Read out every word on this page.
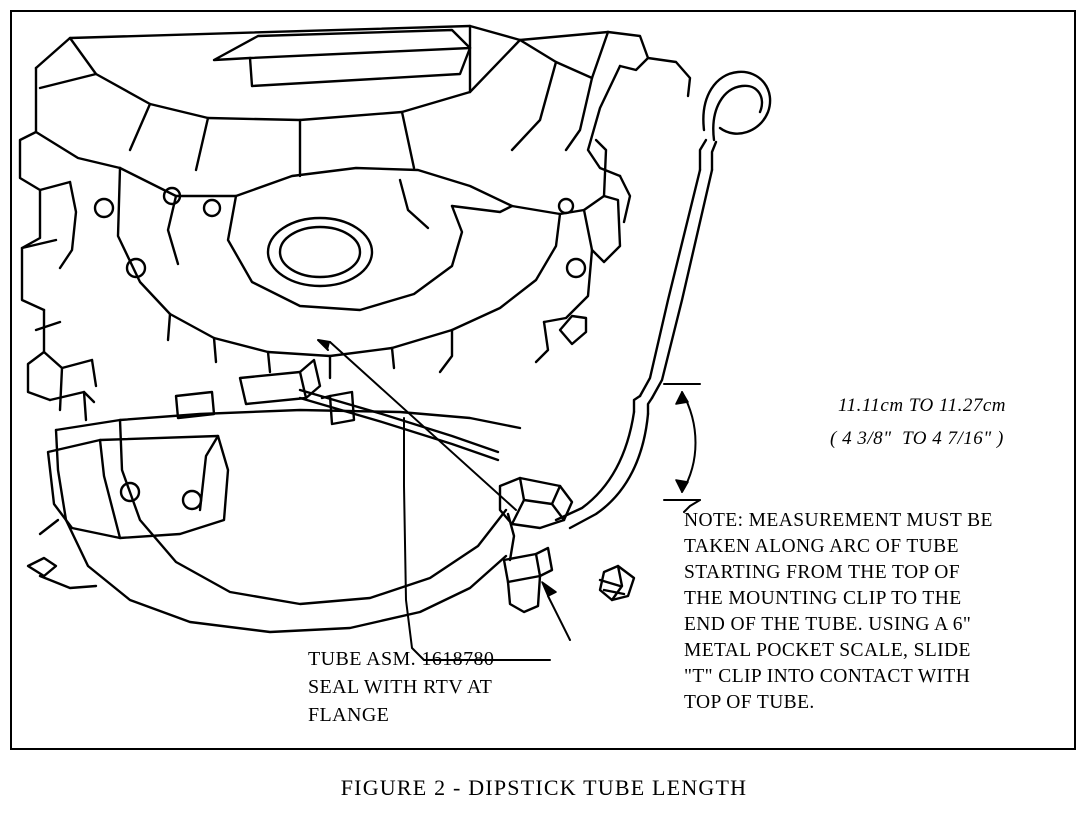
11.11cm TO 11.27cm
( 4 3/8"  TO 4 7/16" )
NOTE: MEASUREMENT MUST BE
TAKEN ALONG ARC OF TUBE
STARTING FROM THE TOP OF
THE MOUNTING CLIP TO THE
END OF THE TUBE. USING A 6"
METAL POCKET SCALE, SLIDE
"T" CLIP INTO CONTACT WITH
TOP OF TUBE.
TUBE ASM. 1618780
SEAL WITH RTV AT
FLANGE
FIGURE 2 - DIPSTICK TUBE LENGTH
